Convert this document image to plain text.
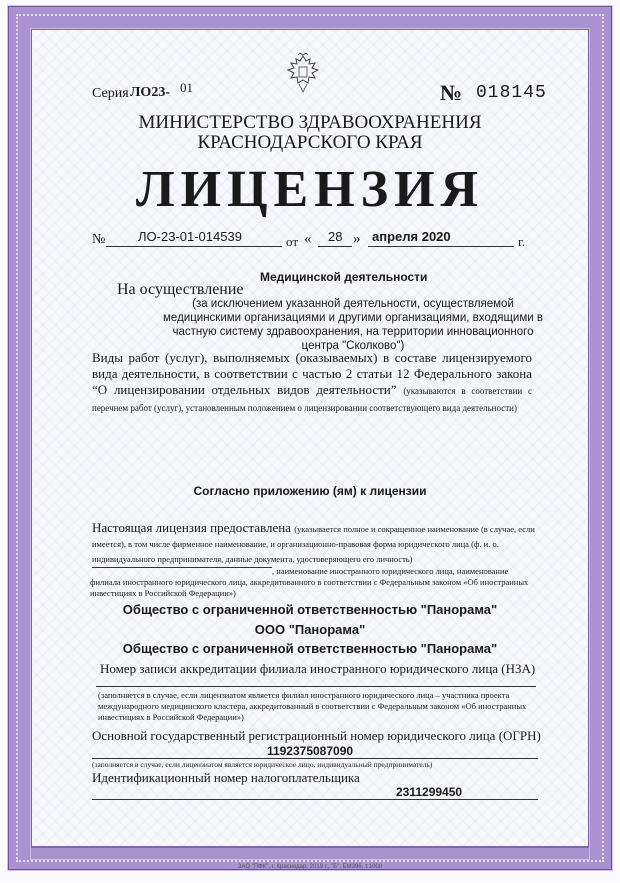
Серия ЛО23- 01	№ 018145
МИНИСТЕРСТВО ЗДРАВООХРАНЕНИЯ
КРАСНОДАРСКОГО КРАЯ
ЛИЦЕНЗИЯ
№	ЛО-23-01-014539	от « 28 » апреля 2020	г.
Медицинской деятельности
На осуществление
(за исключением указанной деятельности, осуществляемой медицинскими организациями и другими организациями, входящими в частную систему здравоохранения, на территории инновационного центра "Сколково")
Виды работ (услуг), выполняемых (оказываемых) в составе лицензируемого вида деятельности, в соответствии с частью 2 статьи 12 Федерального закона “О лицензировании отдельных видов деятельности” (указываются в соответствии с перечнем работ (услуг), установленным положением о лицензировании соответствующего вида деятельности)
Согласно приложению (ям) к лицензии
Настоящая лицензия предоставлена (указывается полное и сокращенное наименование (в случае, если имеется), в том числе фирменное наименование, и организационно-правовая форма юридического лица (ф. и. о. индивидуального предпринимателя, данные документа, удостоверяющего его личность)
, наименование иностранного юридического лица, наименование филиала иностранного юридического лица, аккредитованного в соответствии с Федеральным законом «Об иностранных инвестициях в Российской Федерации»)
Общество с ограниченной ответственностью "Панорама"
ООО "Панорама"
Общество с ограниченной ответственностью "Панорама"
Номер записи аккредитации филиала иностранного юридического лица (НЗА)
(заполняется в случае, если лицензиатом является филиал иностранного юридического лица – участника проекта международного медицинского кластера, аккредитованный в соответствии с Федеральным законом «Об иностранных инвестициях в Российской Федерации»)
Основной государственный регистрационный номер юридического лица (ОГРН)
1192375087090
(заполняется в случае, если лицензиатом является юридическое лицо, индивидуальный предприниматель)
Идентификационный номер налогоплательщика
2311299450
ЗАО "ПФК", г. Краснодар, 2019 г., "Б", БМ396, т.1000
